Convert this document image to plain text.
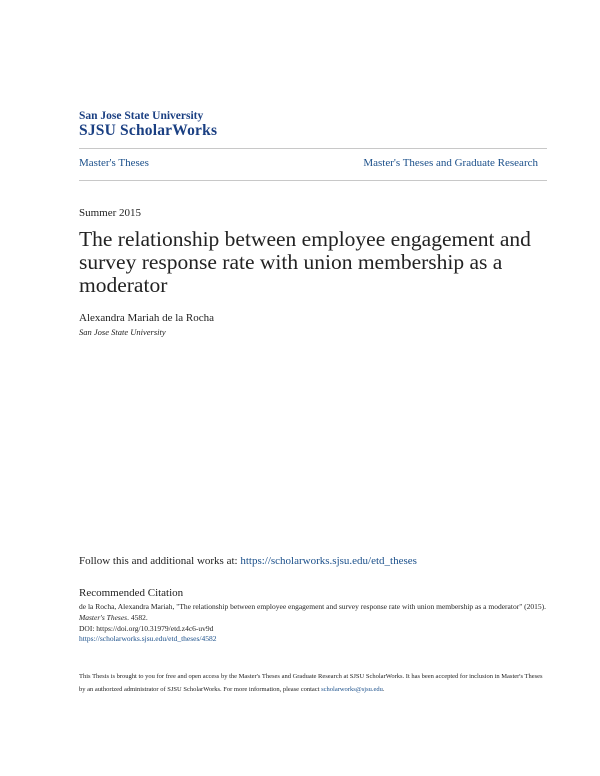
San Jose State University
SJSU ScholarWorks
Master's Theses	Master's Theses and Graduate Research
Summer 2015
The relationship between employee engagement and survey response rate with union membership as a moderator
Alexandra Mariah de la Rocha
San Jose State University
Follow this and additional works at: https://scholarworks.sjsu.edu/etd_theses
Recommended Citation
de la Rocha, Alexandra Mariah, "The relationship between employee engagement and survey response rate with union membership as a moderator" (2015). Master's Theses. 4582.
DOI: https://doi.org/10.31979/etd.z4c6-uv9d
https://scholarworks.sjsu.edu/etd_theses/4582
This Thesis is brought to you for free and open access by the Master's Theses and Graduate Research at SJSU ScholarWorks. It has been accepted for inclusion in Master's Theses by an authorized administrator of SJSU ScholarWorks. For more information, please contact scholarworks@sjsu.edu.
